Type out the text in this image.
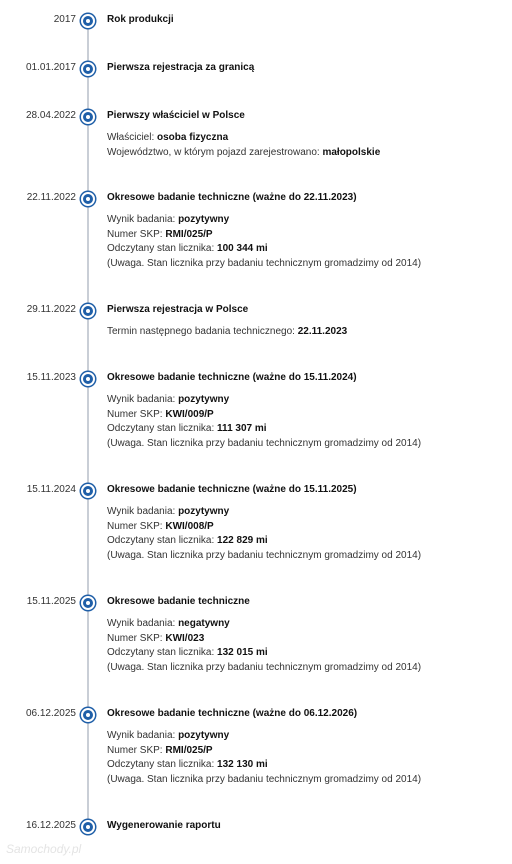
2017	Rok produkcji
01.01.2017	Pierwsza rejestracja za granicą
28.04.2022	Pierwszy właściciel w Polsce
Właściciel: osoba fizyczna
Województwo, w którym pojazd zarejestrowano: małopolskie
22.11.2022	Okresowe badanie techniczne (ważne do 22.11.2023)
Wynik badania: pozytywny
Numer SKP: RMI/025/P
Odczytany stan licznika: 100 344 mi
(Uwaga. Stan licznika przy badaniu technicznym gromadzimy od 2014)
29.11.2022	Pierwsza rejestracja w Polsce
Termin następnego badania technicznego: 22.11.2023
15.11.2023	Okresowe badanie techniczne (ważne do 15.11.2024)
Wynik badania: pozytywny
Numer SKP: KWI/009/P
Odczytany stan licznika: 111 307 mi
(Uwaga. Stan licznika przy badaniu technicznym gromadzimy od 2014)
15.11.2024	Okresowe badanie techniczne (ważne do 15.11.2025)
Wynik badania: pozytywny
Numer SKP: KWI/008/P
Odczytany stan licznika: 122 829 mi
(Uwaga. Stan licznika przy badaniu technicznym gromadzimy od 2014)
15.11.2025	Okresowe badanie techniczne
Wynik badania: negatywny
Numer SKP: KWI/023
Odczytany stan licznika: 132 015 mi
(Uwaga. Stan licznika przy badaniu technicznym gromadzimy od 2014)
06.12.2025	Okresowe badanie techniczne (ważne do 06.12.2026)
Wynik badania: pozytywny
Numer SKP: RMI/025/P
Odczytany stan licznika: 132 130 mi
(Uwaga. Stan licznika przy badaniu technicznym gromadzimy od 2014)
16.12.2025	Wygenerowanie raportu
Samochody.pl
